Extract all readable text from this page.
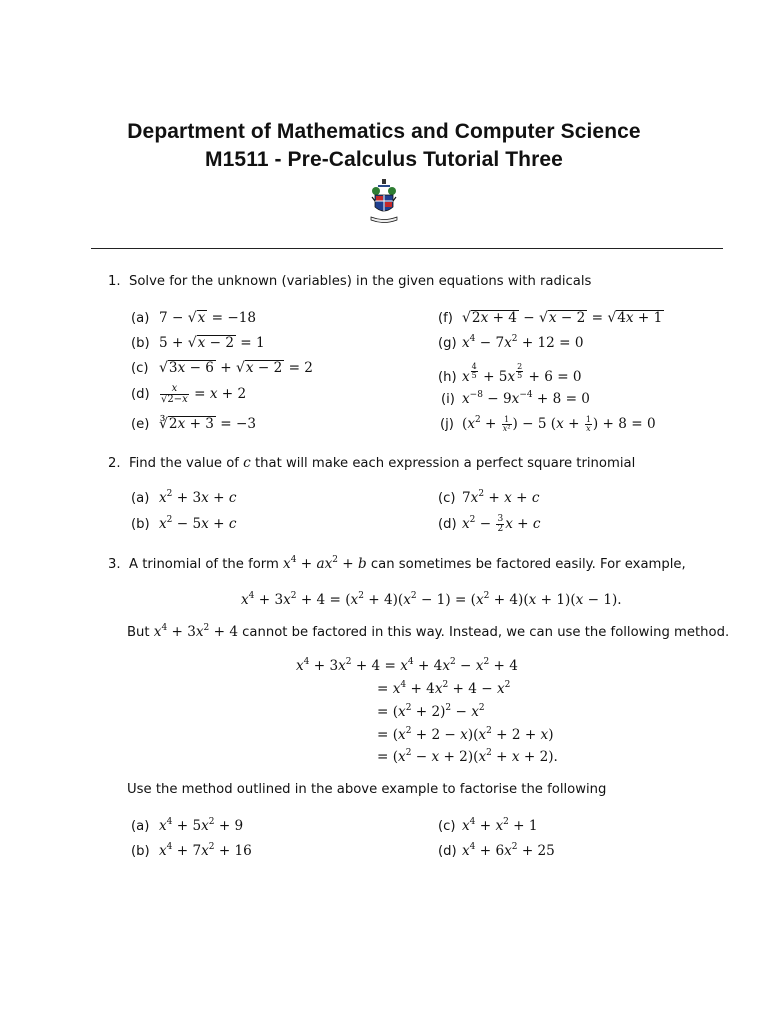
Department of Mathematics and Computer Science
M1511 - Pre-Calculus Tutorial Three
1. Solve for the unknown (variables) in the given equations with radicals
(a) 7 − √x = −18
(b) 5 + √x − 2 = 1
(c) √3x − 6 + √x − 2 = 2
$(d) \frac{x}{√2-x} = x + 2$
(e) ∛2x + 3 = −3
(f) √2x + 4 − √x − 2 = √4x + 1
(g) $x^4 - 7x^2 + 12 = 0$
(h) x $^{\frac{4}{5}}$ + 5x $^{\frac{2}{5}}$ + 6 = 0
(i) $x^{-8} - 9x^{-4} + 8 = 0$
(j) ($x^2 + \frac{1}{\text{x²}}$ ) − 5 ($x + \frac{1}{x}$ ) + 8 = 0
2. Find the value of c that will make each expression a perfect square trinomial
(a) $x^2 + 3x + c$
(b) $x^2 - 5x + c$
(c) $7x^2 + x + c$
(d) $x^2 - \frac{3}{2}$ x + c
3. A trinomial of the form $x^4 + ax^2 + b$ can sometimes be factored easily. For example,
$x^4 + 3x^2 + 4 = (x^2 + 4)(x^2 - 1) = (x^2 + 4)(x + 1)(x - 1)$.
But $x^4 + 3x^2 + 4$ cannot be factored in this way. Instead, we can use the following method.
$x^4 + 3x^2 + 4 = x^4 + 4x^2 - x^2 + 4$
= $x^4 + 4x^2 + 4 - x^2$
= $(x^2 + 2)^2 - x^2$
= $(x^2 + 2 - x)(x^2 + 2 + x)$
= $(x^2 - x + 2)(x^2 + x + 2)$.
Use the method outlined in the above example to factorise the following
(a) $x^4 + 5x^2 + 9$
(b) $x^4 + 7x^2 + 16$
(c) $x^4 + x^2 + 1$
(d) $x^4 + 6x^2 + 25$
